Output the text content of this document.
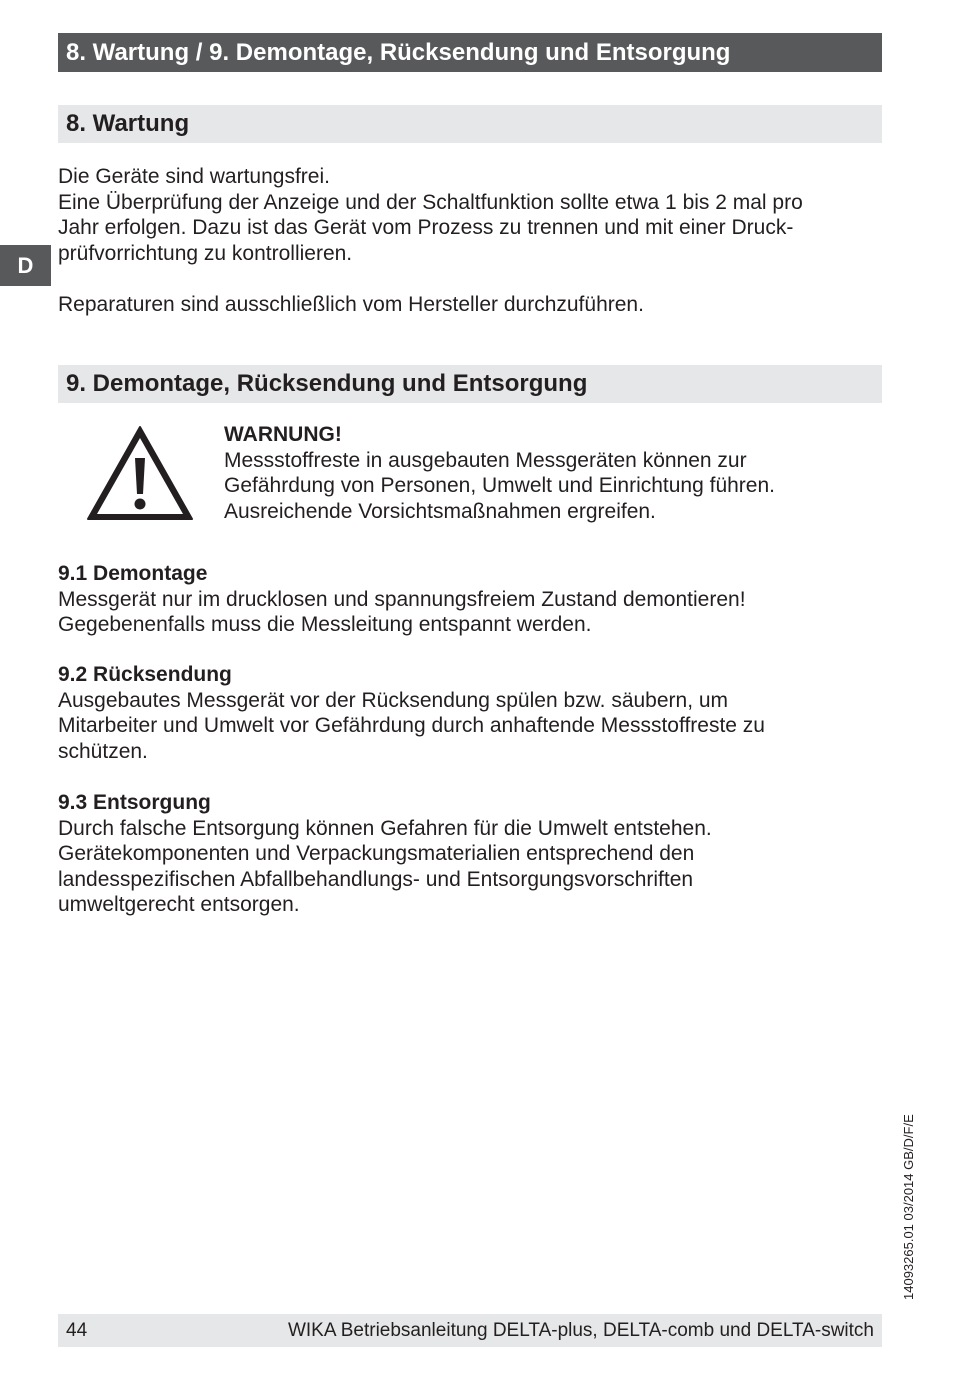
8. Wartung / 9. Demontage, Rücksendung und Entsorgung
8. Wartung
D
Die Geräte sind wartungsfrei.
Eine Überprüfung der Anzeige und der Schaltfunktion sollte etwa 1 bis 2 mal pro
Jahr erfolgen. Dazu ist das Gerät vom Prozess zu trennen und mit einer Druck-
prüfvorrichtung zu kontrollieren.
Reparaturen sind ausschließlich vom Hersteller durchzuführen.
9. Demontage, Rücksendung und Entsorgung
WARNUNG!
Messstoffreste in ausgebauten Messgeräten können zur
Gefährdung von Personen, Umwelt und Einrichtung führen.
Ausreichende Vorsichtsmaßnahmen ergreifen.
9.1 Demontage
Messgerät nur im drucklosen und spannungsfreiem Zustand demontieren!
Gegebenenfalls muss die Messleitung entspannt werden.
9.2 Rücksendung
Ausgebautes Messgerät vor der Rücksendung spülen bzw. säubern, um
Mitarbeiter und Umwelt vor Gefährdung durch anhaftende Messstoffreste zu
schützen.
9.3 Entsorgung
Durch falsche Entsorgung können Gefahren für die Umwelt entstehen.
Gerätekomponenten und Verpackungsmaterialien entsprechend den
landesspezifischen Abfallbehandlungs- und Entsorgungsvorschriften
umweltgerecht entsorgen.
14093265.01 03/2014 GB/D/F/E
44	WIKA Betriebsanleitung DELTA-plus, DELTA-comb und DELTA-switch
